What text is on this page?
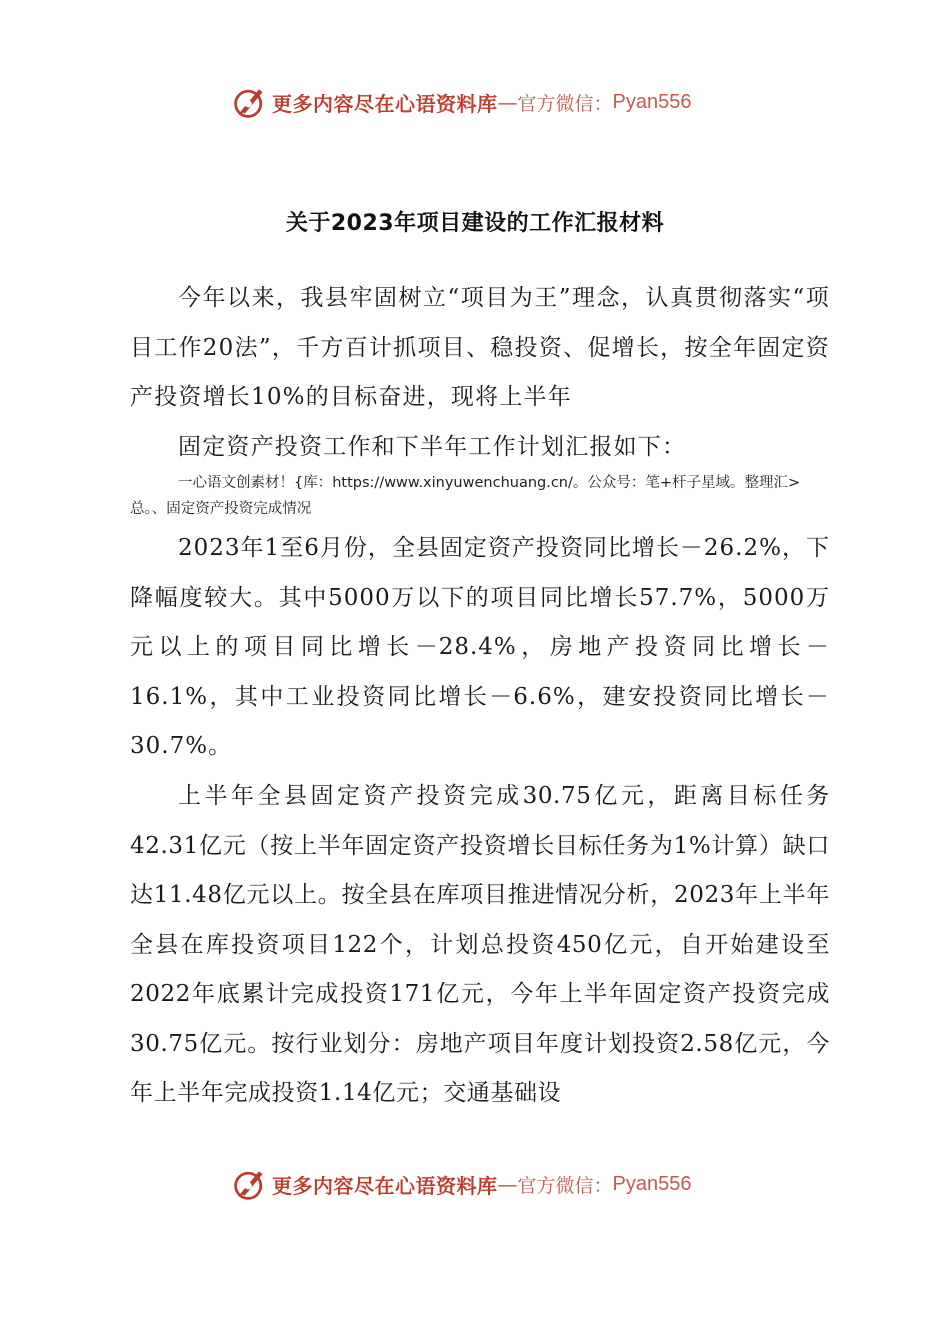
更多内容尽在心语资料库 — 官方微信： Pyan556
关于2023年项目建设的工作汇报材料

今年以来，我县牢固树立“项目为王”理念，认真贯彻落实“项目工作20法”，千方百计抓项目、稳投资、促增长，按全年固定资产投资增长10%的目标奋进，现将上半年

固定资产投资工作和下半年工作计划汇报如下：

一心语文创素材！{库：https://www.xinyuwenchuang.cn/。公众号：笔+杆子星域。整理汇>总。、固定资产投资完成情况

2023年1至6月份，全县固定资产投资同比增长－26.2%，下降幅度较大。其中5000万以下的项目同比增长57.7%，5000万元以上的项目同比增长－28.4%，房地产投资同比增长－16.1%，其中工业投资同比增长－6.6%，建安投资同比增长－30.7%。

上半年全县固定资产投资完成30.75亿元，距离目标任务42.31亿元（按上半年固定资产投资增长目标任务为1%计算）缺口达11.48亿元以上。按全县在库项目推进情况分析，2023年上半年全县在库投资项目122个，计划总投资450亿元，自开始建设至2022年底累计完成投资171亿元，今年上半年固定资产投资完成30.75亿元。按行业划分：房地产项目年度计划投资2.58亿元，今年上半年完成投资1.14亿元；交通基础设

更多内容尽在心语资料库 — 官方微信： Pyan556
